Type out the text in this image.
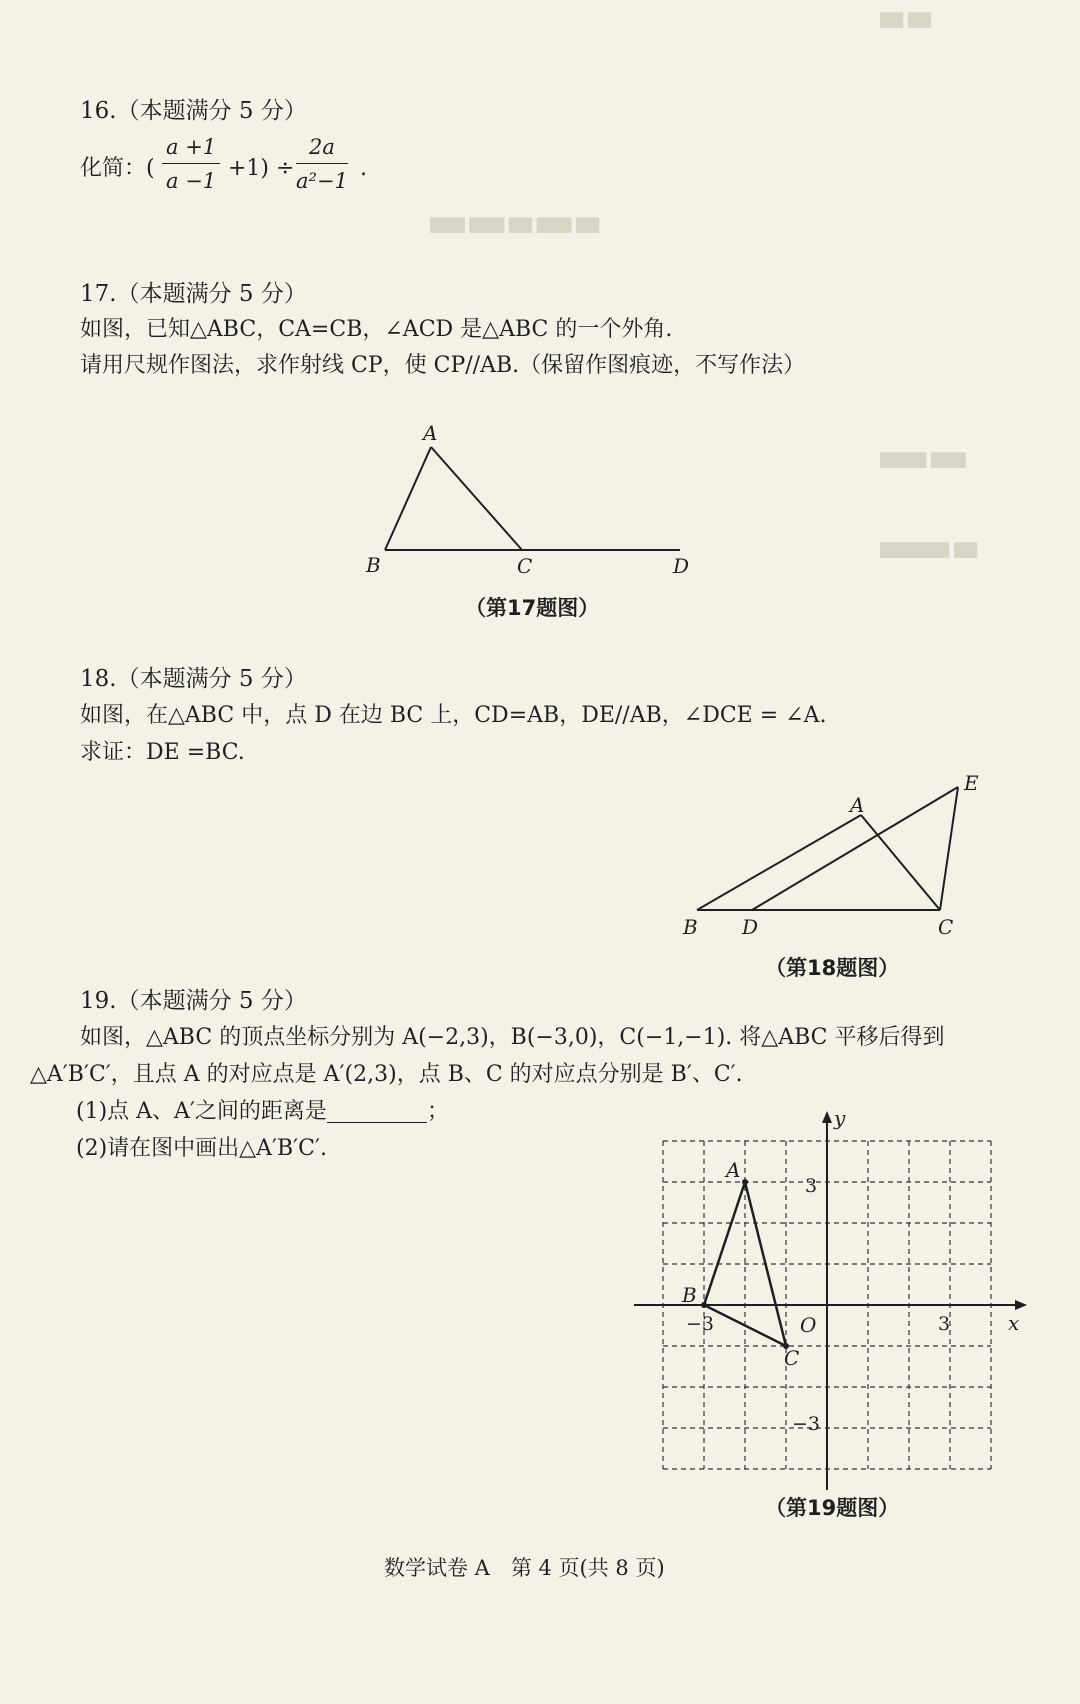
▇▇ ▇▇
▇▇▇ ▇▇▇ ▇▇ ▇▇▇ ▇▇
▇▇▇▇ ▇▇▇
▇▇▇▇▇▇ ▇▇
16.（本题满分 5 分）
化简：( $\frac{a +1}{a -1} +1) \div \frac{2a}{\text{a²−1}}$ .
17.（本题满分 5 分）
如图，已知△ABC，CA=CB，∠ACD 是△ABC 的一个外角.
请用尺规作图法，求作射线 CP，使 CP//AB.（保留作图痕迹，不写作法）
A
B	C	D
A
B	C
D
E
y
x
O
−3	3
3
−3
A
B
C
（第17题图）
18.（本题满分 5 分）
如图，在△ABC 中，点 D 在边 BC 上，CD=AB，DE//AB，∠DCE = ∠A.
求证：DE =BC.
（第18题图）
19.（本题满分 5 分）
如图，△ABC 的顶点坐标分别为 A(−2,3)，B(−3,0)，C(−1,−1). 将△ABC 平移后得到
△A′B′C′，且点 A 的对应点是 A′(2,3)，点 B、C 的对应点分别是 B′、C′.
(1)点 A、A′之间的距离是	；
(2)请在图中画出△A′B′C′.
（第19题图）
数学试卷 A　第 4 页(共 8 页)
